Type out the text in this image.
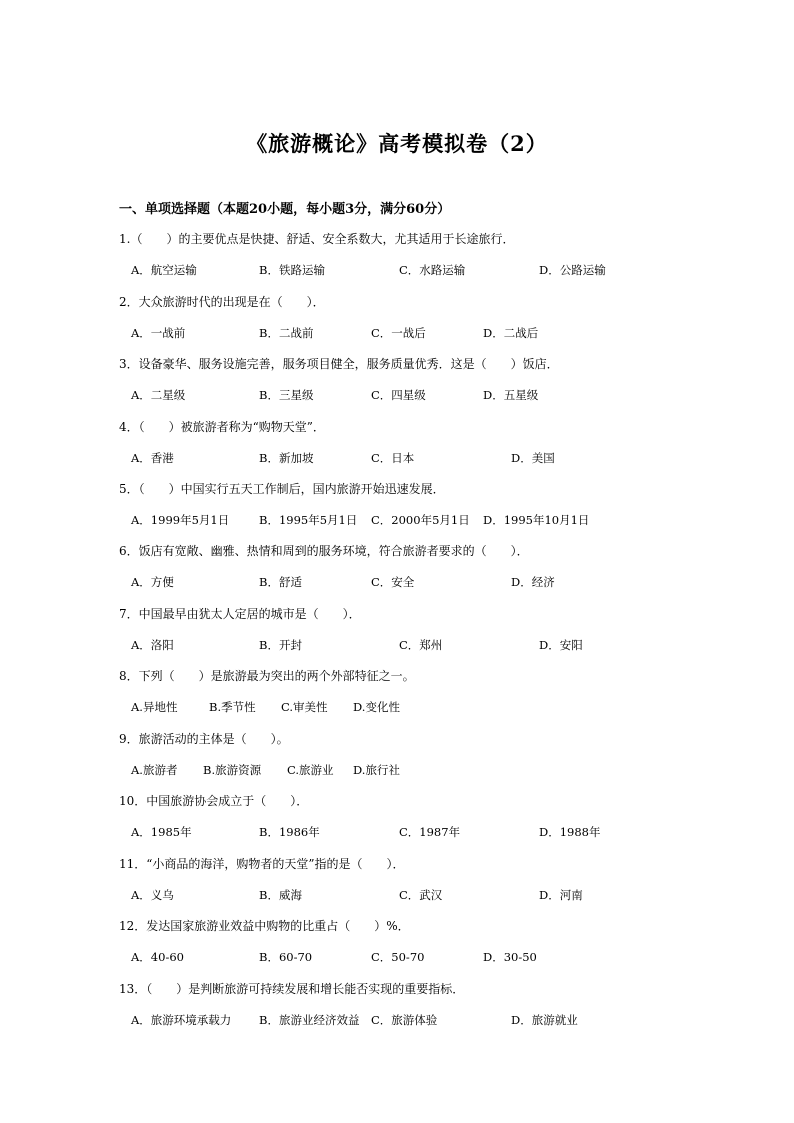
《旅游概论》高考模拟卷（2）
一、单项选择题（本题20小题，每小题3分，满分60分）
1.（　　）的主要优点是快捷、舒适、安全系数大，尤其适用于长途旅行．
A．航空运输	B．铁路运输	C．水路运输	D．公路运输
2．大众旅游时代的出现是在（　　）．
A．一战前	B．二战前	C．一战后	D．二战后
3．设备豪华、服务设施完善，服务项目健全，服务质量优秀．这是（　　）饭店．
A．二星级	B．三星级	C．四星级	D．五星级
4．（　　）被旅游者称为“购物天堂”．
A．香港	B．新加坡	C．日本	D．美国
5．（　　）中国实行五天工作制后，国内旅游开始迅速发展．
A．1999年5月1日	B．1995年5月1日 C．2000年5月1日 D．1995年10月1日
6．饭店有宽敞、幽雅、热情和周到的服务环境，符合旅游者要求的（　　）．
A．方便	B．舒适	C．安全	D．经济
7．中国最早由犹太人定居的城市是（　　）．
A．洛阳	B．开封	C．郑州	D．安阳
8．下列（　　）是旅游最为突出的两个外部特征之一。
A.异地性	B.季节性 C.审美性 D.变化性
9．旅游活动的主体是（　　）。
A.旅游者 B.旅游资源 C.旅游业 D.旅行社
10．中国旅游协会成立于（　　）．
A．1985年	B．1986年	C．1987年	D．1988年
11．“小商品的海洋，购物者的天堂”指的是（　　）．
A．义乌	B．威海	C．武汉	D．河南
12．发达国家旅游业效益中购物的比重占（　　）%．
A．40-60	B．60-70	C．50-70	D．30-50
13．（　　）是判断旅游可持续发展和增长能否实现的重要指标．
A．旅游环境承载力 B．旅游业经济效益 C．旅游体验	D．旅游就业
